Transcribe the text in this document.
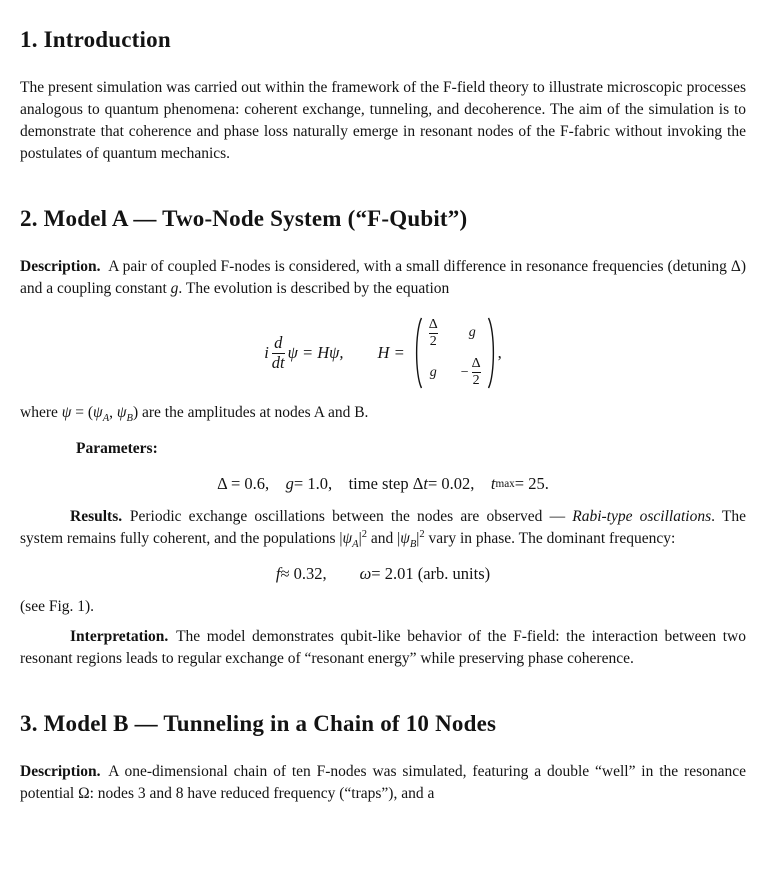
1. Introduction

The present simulation was carried out within the framework of the F-field theory to illustrate microscopic processes analogous to quantum phenomena: coherent exchange, tunneling, and decoherence. The aim of the simulation is to demonstrate that coherence and phase loss naturally emerge in resonant nodes of the F-fabric without invoking the postulates of quantum mechanics.

2. Model A — Two-Node System (“F-Qubit”)

Description. A pair of coupled F-nodes is considered, with a small difference in resonance frequencies (detuning Δ) and a coupling constant g. The evolution is described by the equation

i $\frac{d}{dt}$ ψ = Hψ, H =
$\frac{\Delta}{2}$ g
$g - \frac{\Delta}{2}$
,

where $\psi = (\psi_A$, $\psi_B$) are the amplitudes at nodes A and B.

Parameters:
Δ = 0.6,  g = 1.0, time step Δ t = 0.02,  t max = 25.

Results. Periodic exchange oscillations between the nodes are observed — Rabi-type oscillations. The system remains fully coherent, and the populations $|\psi_A|^2$ and $|\psi_B|^2$ vary in phase. The dominant frequency:

f ≈ 0.32,   ω = 2.01 (arb. units)

(see Fig. 1).

Interpretation. The model demonstrates qubit-like behavior of the F-field: the interaction between two resonant regions leads to regular exchange of “resonant energy” while preserving phase coherence.

3. Model B — Tunneling in a Chain of 10 Nodes

Description. A one-dimensional chain of ten F-nodes was simulated, featuring a double “well” in the resonance potential Ω: nodes 3 and 8 have reduced frequency (“traps”), and a
